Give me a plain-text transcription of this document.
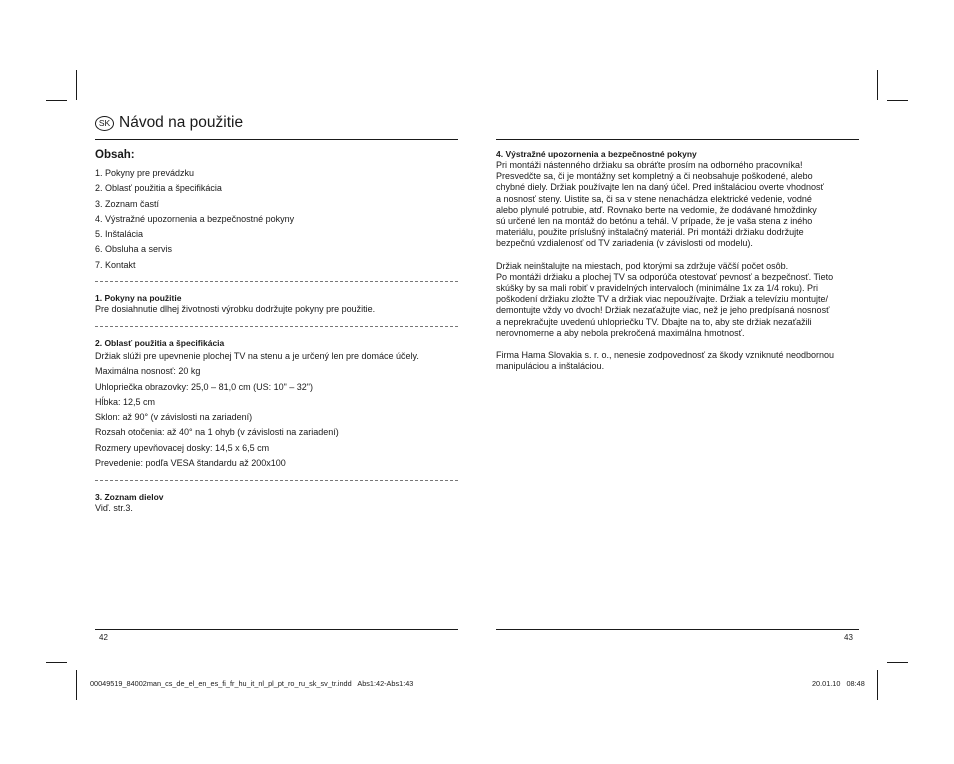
SK Návod na použitie
Obsah:
1. Pokyny pre prevádzku
2. Oblasť použitia a špecifikácia
3. Zoznam častí
4. Výstražné upozornenia a bezpečnostné pokyny
5. Inštalácia
6. Obsluha a servis
7. Kontakt
1. Pokyny na použitie
Pre dosiahnutie dlhej životnosti výrobku dodržujte pokyny pre použitie.
2. Oblasť použitia a špecifikácia
Držiak slúži pre upevnenie plochej TV na stenu a je určený len pre domáce účely.
Maximálna nosnosť: 20 kg
Uhlopriečka obrazovky: 25,0 – 81,0 cm (US: 10" – 32")
Hĺbka: 12,5 cm
Sklon: až 90° (v závislosti na zariadení)
Rozsah otočenia: až 40° na 1 ohyb (v závislosti na zariadení)
Rozmery upevňovacej dosky: 14,5 x 6,5 cm
Prevedenie: podľa VESA štandardu až 200x100
3. Zoznam dielov
Viď. str.3.
4. Výstražné upozornenia a bezpečnostné pokyny

Pri montáži nástenného držiaku sa obráťte prosím na odborného pracovníka!

Presvedčte sa, či je montážny set kompletný a či neobsahuje poškodené, alebo

chybné diely. Držiak používajte len na daný účel. Pred inštaláciou overte vhodnosť

a nosnosť steny. Uistite sa, či sa v stene nenachádza elektrické vedenie, vodné

alebo plynulé potrubie, atď. Rovnako berte na vedomie, že dodávané hmoždinky

sú určené len na montáž do betónu a tehál. V prípade, že je vaša stena z iného

materiálu, použite príslušný inštalačný materiál. Pri montáži držiaku dodržujte

bezpečnú vzdialenosť od TV zariadenia (v závislosti od modelu).

Držiak neinštalujte na miestach, pod ktorými sa zdržuje väčší počet osôb.

Po montáži držiaku a plochej TV sa odporúča otestovať pevnosť a bezpečnosť. Tieto

skúšky by sa mali robiť v pravidelných intervaloch (minimálne 1x za 1/4 roku). Pri

poškodení držiaku zložte TV a držiak viac nepoužívajte. Držiak a televíziu montujte/

demontujte vždy vo dvoch! Držiak nezaťažujte viac, než je jeho predpísaná nosnosť

a neprekračujte uvedenú uhlopriečku TV. Dbajte na to, aby ste držiak nezaťažili

nerovnomerne a aby nebola prekročená maximálna hmotnosť.

Firma Hama Slovakia s. r. o., nenesie zodpovednosť za škody vzniknuté neodbornou

manipuláciou a inštaláciou.

42	43
00049519_84002man_cs_de_el_en_es_fi_fr_hu_it_nl_pl_pt_ro_ru_sk_sv_tr.indd   Abs1:42-Abs1:43	20.01.10   08:48
